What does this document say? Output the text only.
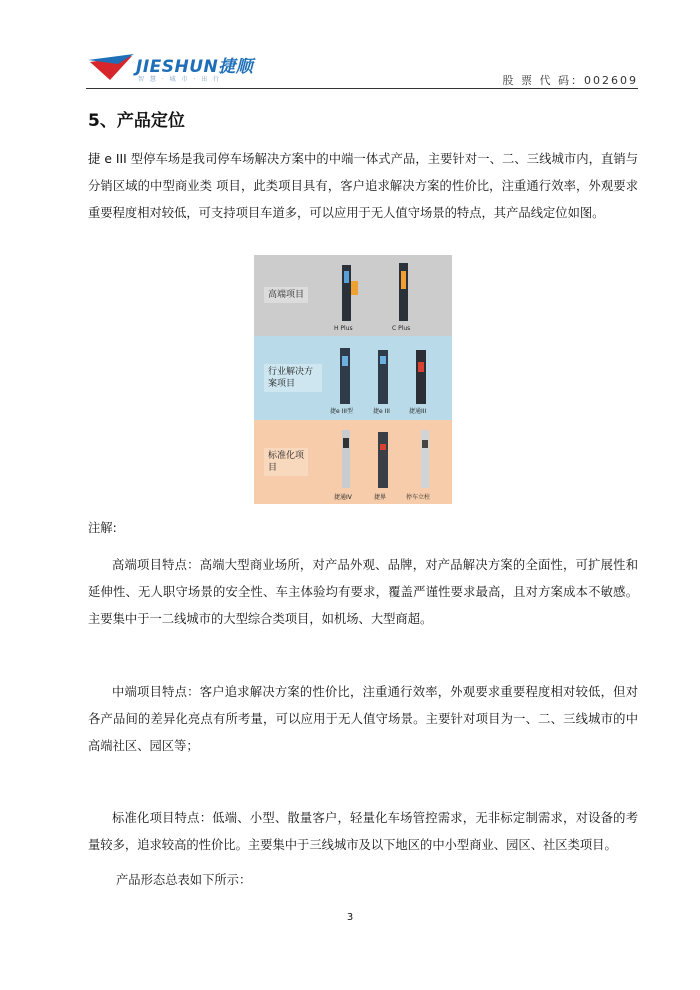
JIESHUN捷顺
智 慧 · 城 市 · 出 行	股 票 代 码：002609
5、产品定位
捷 e III 型停车场是我司停车场解决方案中的中端一体式产品，主要针对一、二、三线城市内，直销与分销区域的中型商业类 项目，此类项目具有，客户追求解决方案的性价比，注重通行效率，外观要求重要程度相对较低，可支持项目车道多，可以应用于无人值守场景的特点，其产品线定位如图。
高端项目
H Plus	C Plus
行业解决方案项目
捷e III型	捷e III	捷通III
标准化项目
捷通IV	捷界	停车立柱
注解:
高端项目特点：高端大型商业场所，对产品外观、品牌，对产品解决方案的全面性，可扩展性和延伸性、无人职守场景的安全性、车主体验均有要求，覆盖严谨性要求最高，且对方案成本不敏感。主要集中于一二线城市的大型综合类项目，如机场、大型商超。
中端项目特点：客户追求解决方案的性价比，注重通行效率，外观要求重要程度相对较低，但对各产品间的差异化亮点有所考量，可以应用于无人值守场景。主要针对项目为一、二、三线城市的中高端社区、园区等；
标准化项目特点：低端、小型、散量客户，轻量化车场管控需求，无非标定制需求，对设备的考量较多，追求较高的性价比。主要集中于三线城市及以下地区的中小型商业、园区、社区类项目。
产品形态总表如下所示：
3
